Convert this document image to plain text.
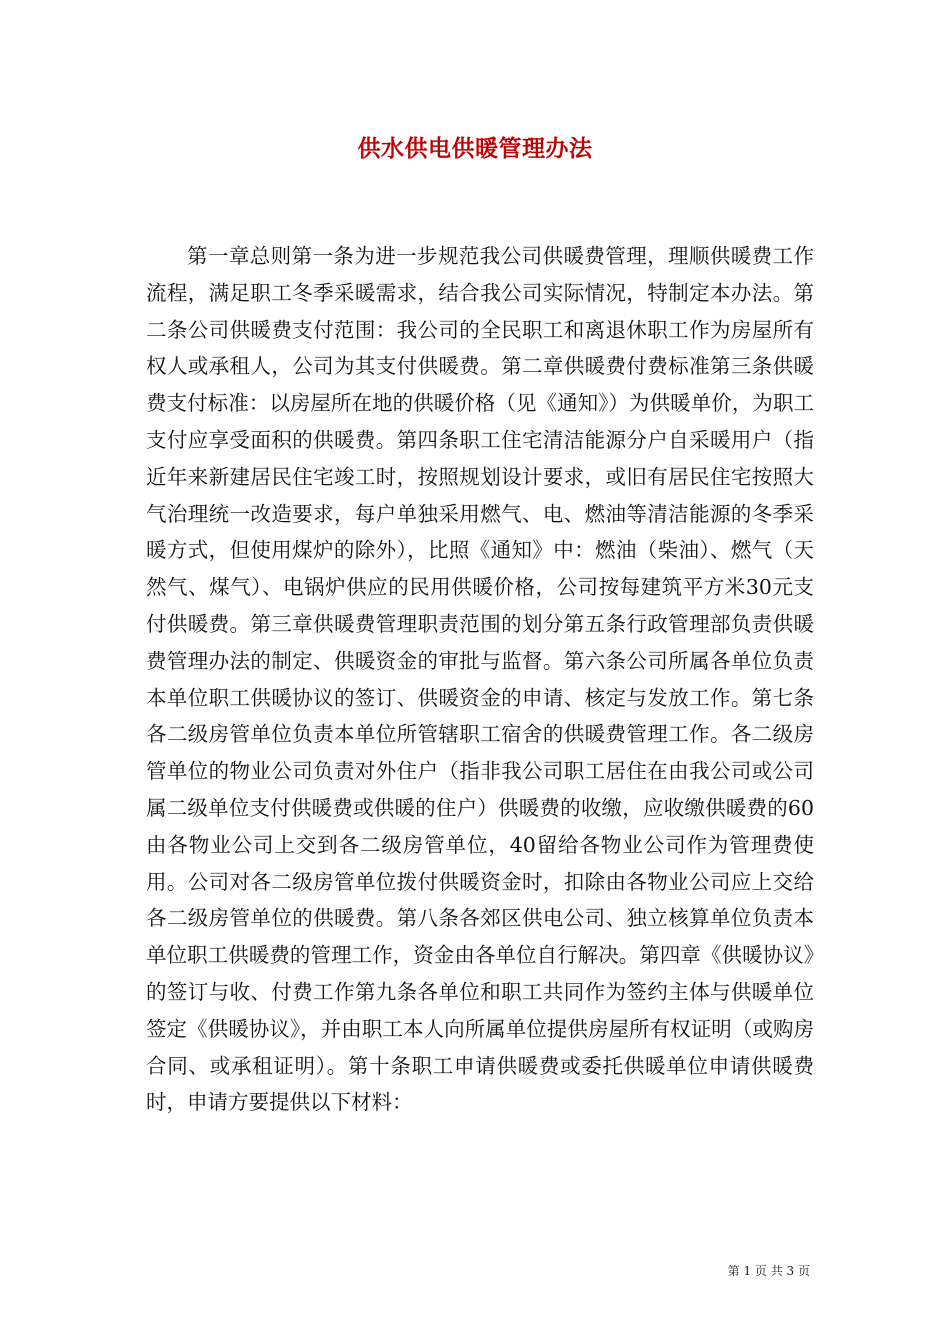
供水供电供暖管理办法

第一章总则第一条为进一步规范我公司供暖费管理，理顺供暖费工作流程，满足职工冬季采暖需求，结合我公司实际情况，特制定本办法。第二条公司供暖费支付范围：我公司的全民职工和离退休职工作为房屋所有权人或承租人，公司为其支付供暖费。第二章供暖费付费标准第三条供暖费支付标准：以房屋所在地的供暖价格（见《通知》）为供暖单价，为职工支付应享受面积的供暖费。第四条职工住宅清洁能源分户自采暖用户（指近年来新建居民住宅竣工时，按照规划设计要求，或旧有居民住宅按照大气治理统一改造要求，每户单独采用燃气、电、燃油等清洁能源的冬季采暖方式，但使用煤炉的除外），比照《通知》中：燃油（柴油）、燃气（天然气、煤气）、电锅炉供应的民用供暖价格，公司按每建筑平方米30元支付供暖费。第三章供暖费管理职责范围的划分第五条行政管理部负责供暖费管理办法的制定、供暖资金的审批与监督。第六条公司所属各单位负责本单位职工供暖协议的签订、供暖资金的申请、核定与发放工作。第七条各二级房管单位负责本单位所管辖职工宿舍的供暖费管理工作。各二级房管单位的物业公司负责对外住户（指非我公司职工居住在由我公司或公司属二级单位支付供暖费或供暖的住户）供暖费的收缴，应收缴供暖费的60由各物业公司上交到各二级房管单位，40留给各物业公司作为管理费使用。公司对各二级房管单位拨付供暖资金时，扣除由各物业公司应上交给各二级房管单位的供暖费。第八条各郊区供电公司、独立核算单位负责本单位职工供暖费的管理工作，资金由各单位自行解决。第四章《供暖协议》的签订与收、付费工作第九条各单位和职工共同作为签约主体与供暖单位签定《供暖协议》，并由职工本人向所属单位提供房屋所有权证明（或购房合同、或承租证明）。第十条职工申请供暖费或委托供暖单位申请供暖费时，申请方要提供以下材料：

第 1 页 共 3 页
